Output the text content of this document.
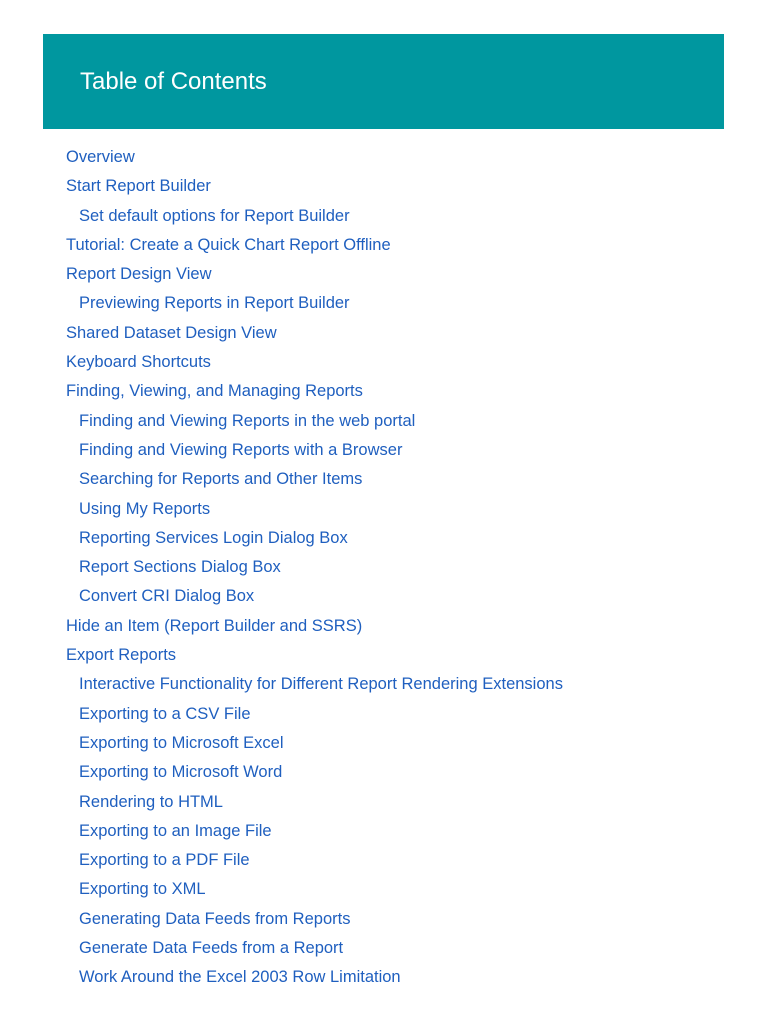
Table of Contents
Overview
Start Report Builder
Set default options for Report Builder
Tutorial: Create a Quick Chart Report Offline
Report Design View
Previewing Reports in Report Builder
Shared Dataset Design View
Keyboard Shortcuts
Finding, Viewing, and Managing Reports
Finding and Viewing Reports in the web portal
Finding and Viewing Reports with a Browser
Searching for Reports and Other Items
Using My Reports
Reporting Services Login Dialog Box
Report Sections Dialog Box
Convert CRI Dialog Box
Hide an Item (Report Builder and SSRS)
Export Reports
Interactive Functionality for Different Report Rendering Extensions
Exporting to a CSV File
Exporting to Microsoft Excel
Exporting to Microsoft Word
Rendering to HTML
Exporting to an Image File
Exporting to a PDF File
Exporting to XML
Generating Data Feeds from Reports
Generate Data Feeds from a Report
Work Around the Excel 2003 Row Limitation
